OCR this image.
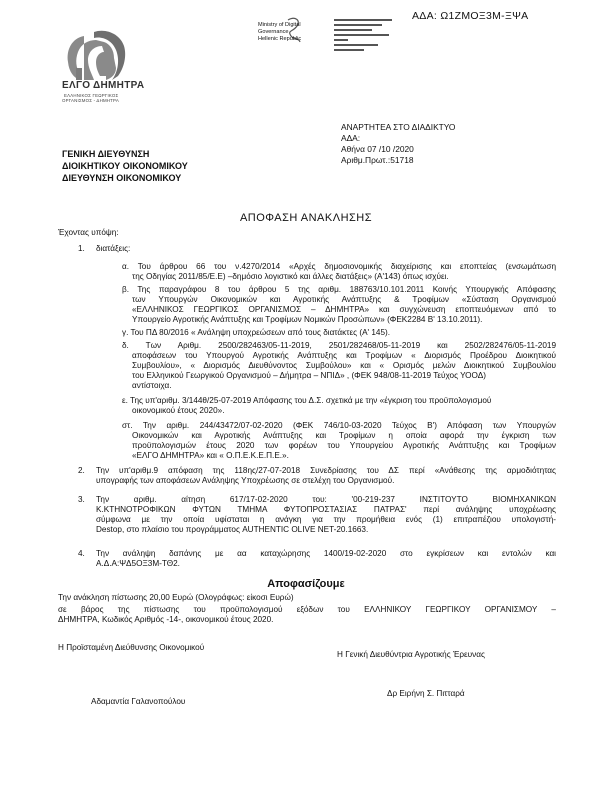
ΑΔΑ: Ω1ΖΜΟΞ3Μ-ΞΨΑ
ΕΛΓΟ ΔΗΜΗΤΡΑ
ΕΛΛΗΝΙΚΟΣ ΓΕΩΡΓΙΚΟΣ
ΟΡΓΑΝΙΣΜΟΣ - ΔΗΜΗΤΡΑ
Ministry of Digital
Governance
Hellenic Republic
ΓΕΝΙΚΗ ΔΙΕΥΘΥΝΣΗ
ΔΙΟΙΚΗΤΙΚΟΥ ΟΙΚΟΝΟΜΙΚΟΥ
ΔΙΕΥΘΥΝΣΗ ΟΙΚΟΝΟΜΙΚΟΥ
ΑΝΑΡΤΗΤΕΑ ΣΤΟ ΔΙΑΔΙΚΤΥΟ
ΑΔΑ:
Αθήνα 07 /10 /2020
Αριθμ.Πρωτ.:51718
ΑΠΟΦΑΣΗ ΑΝΑΚΛΗΣΗΣ
Έχοντας υπόψη:
1. διατάξεις:
α. Του άρθρου 66 του ν.4270/2014 «Αρχές δημοσιονομικής διαχείρισης και εποπτείας (ενσωμάτωση
της Οδηγίας 2011/85/Ε.Ε) –δημόσιο λογιστικό και άλλες διατάξεις» (Α'143) όπως ισχύει.
β. Της παραγράφου 8 του άρθρου 5 της αριθμ. 188763/10.101.2011 Κοινής Υπουργικής Απόφασης
των Υπουργών Οικονομικών και Αγροτικής Ανάπτυξης & Τροφίμων «Σύσταση Οργανισμού
«ΕΛΛΗΝΙΚΟΣ ΓΕΩΡΓΙΚΟΣ ΟΡΓΑΝΙΣΜΟΣ – ΔΗΜΗΤΡΑ» και συγχώνευση εποπτευόμενων από το
Υπουργείο Αγροτικής Ανάπτυξης και Τροφίμων Νομικών Προσώπων» (ΦΕΚ2284 Β' 13.10.2011).
γ. Του ΠΔ 80/2016 « Ανάληψη υποχρεώσεων από τους διατάκτες (Α' 145).
δ. Των Αριθμ. 2500/282463/05-11-2019, 2501/282468/05-11-2019 και 2502/282476/05-11-2019
αποφάσεων του Υπουργού Αγροτικής Ανάπτυξης και Τροφίμων « Διορισμός Προέδρου Διοικητικού
Συμβουλίου», « Διορισμός Διευθύνοντος Συμβούλου» και « Ορισμός μελών Διοικητικού Συμβουλίου
του Ελληνικού Γεωργικού Οργανισμού – Δήμητρα – ΝΠΙΔ» , (ΦΕΚ 948/08-11-2019 Τεύχος ΥΟΟΔ)
αντίστοιχα.
ε. Της υπ'αριθμ. 3/144θ/25-07-2019 Απόφασης του Δ.Σ. σχετικά με την «έγκριση του προϋπολογισμού
οικονομικού έτους 2020».
στ. Την αριθμ. 244/43472/07-02-2020 (ΦΕΚ 746/10-03-2020 Τεύχος Β') Απόφαση των Υπουργών
Οικονομικών και Αγροτικής Ανάπτυξης και Τροφίμων η οποία αφορά την έγκριση των
προϋπολογισμών έτους 2020 των φορέων του Υπουργείου Αγροτικής Ανάπτυξης και Τροφίμων
«ΕΛΓΟ ΔΗΜΗΤΡΑ» και « Ο.Π.Ε.Κ.Ε.Π.Ε.».
2. Την υπ'αριθμ.9 απόφαση της 118ης/27-07-2018 Συνεδρίασης του ΔΣ περί «Ανάθεσης της αρμοδιότητας
υπογραφής των αποφάσεων Ανάληψης Υποχρέωσης σε στελέχη του Οργανισμού.
3. Την αριθμ. αίτηση 617/17-02-2020 του: '00-219-237 ΙΝΣΤΙΤΟΥΤΟ ΒΙΟΜΗΧΑΝΙΚΩΝ
Κ.ΚΤΗΝΟΤΡΟΦΙΚΩΝ ΦΥΤΩΝ ΤΜΗΜΑ ΦΥΤΟΠΡΟΣΤΑΣΙΑΣ ΠΑΤΡΑΣ' περί ανάληψης υποχρέωσης
σύμφωνα με την οποία υφίσταται η ανάγκη για την προμήθεια ενός (1) επιτραπέζιου υπολογιστή-
Destop, στο πλαίσιο του προγράμματος AUTHENTIC OLIVE NET-20.1663.
4. Την ανάληψη δαπάνης με αα καταχώρησης 1400/19-02-2020 στο εγκρίσεων και εντολών και
Α.Δ.Α:ΨΔ5ΟΞ3Μ-ΤΘ2.
Αποφασίζουμε
Την ανάκληση πίστωσης 20,00 Ευρώ (Ολογράφως: είκοσι Ευρώ)
σε βάρος της πίστωσης του προϋπολογισμού εξόδων του ΕΛΛΗΝΙΚΟΥ ΓΕΩΡΓΙΚΟΥ ΟΡΓΑΝΙΣΜΟΥ –
ΔΗΜΗΤΡΑ, Κωδικός Αριθμός -14-, οικονομικού έτους 2020.
Η Προϊσταμένη Διεύθυνσης Οικονομικού
Η Γενική Διευθύντρια Αγροτικής Έρευνας
Δρ Ειρήνη Σ. Πιτταρά
Αδαμαντία Γαλανοπούλου
